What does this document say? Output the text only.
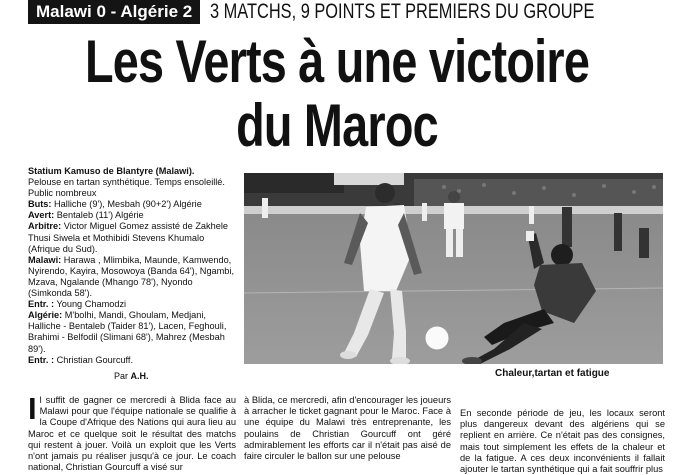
Malawi 0 - Algérie 2 3 MATCHS, 9 POINTS ET PREMIERS DU GROUPE
Les Verts à une victoire
du Maroc

Statium Kamuso de Blantyre (Malawi).
Pelouse en tartan synthétique. Temps ensoleillé. Public nombreux

Buts: Halliche (9'), Mesbah (90+2') Algérie

Avert: Bentaleb (11') Algérie

Arbitre: Victor Miguel Gomez assisté de Zakhele Thusi Siwela et Mothibidi Stevens Khumalo (Afrique du Sud).

Malawi: Harawa , Mlimbika, Maunde, Kamwendo, Nyirendo, Kayira, Mosowoya (Banda 64'), Ngambi, Mzava, Ngalande (Mhango 78'), Nyondo (Simkonda 58').

Entr. : Young Chamodzi

Algérie: M'bolhi, Mandi, Ghoulam, Medjani, Halliche - Bentaleb (Taider 81'), Lacen, Feghouli, Brahimi - Belfodil (Slimani 68'), Mahrez (Mesbah 89').

Entr. : Christian Gourcuff.

Par A.H.	Chaleur,tartan et fatigue

Il suffit de gagner ce mercredi à Blida face au Malawi pour que l'équipe nationale se qualifie à la Coupe d'Afrique des Nations qui aura lieu au Maroc et ce quelque soit le résultat des matchs qui restent à jouer. Voilà un exploit que les Verts n'ont jamais pu réaliser jusqu'à ce jour. Le coach national, Christian Gourcuff a visé sur

à Blida, ce mercredi, afin d'encourager les joueurs à arracher le ticket gagnant pour le Maroc. Face à une équipe du Malawi très entreprenante, les poulains de Christian Gourcuff ont géré admirablement les efforts car il n'était pas aisé de faire circuler le ballon sur une pelouse

En seconde période de jeu, les locaux seront plus dangereux devant des algériens qui se replient en arrière. Ce n'était pas des consignes, mais tout simplement les effets de la chaleur et de la fatigue. A ces deux inconvénients il fallait ajouter le tartan synthétique qui a fait souffrir plus
